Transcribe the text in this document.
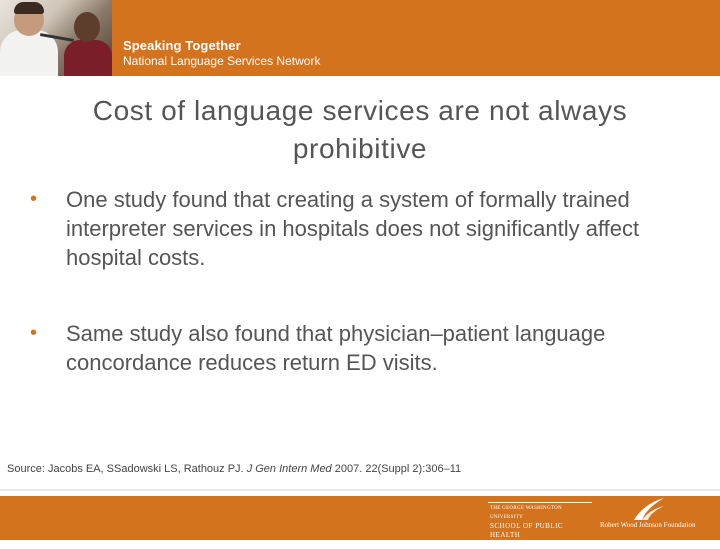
Speaking Together
National Language Services Network
Cost of language services are not always
prohibitive
• One study found that creating a system of formally trained interpreter services in hospitals does not significantly affect hospital costs.
• Same study also found that physician–patient language concordance reduces return ED visits.
Source: Jacobs EA, SSadowski LS, Rathouz PJ. J Gen Intern Med 2007. 22(Suppl 2):306–11
THE GEORGE WASHINGTON UNIVERSITY
SCHOOL OF PUBLIC HEALTH
AND HEALTH SERVICES
Robert Wood Johnson Foundation
